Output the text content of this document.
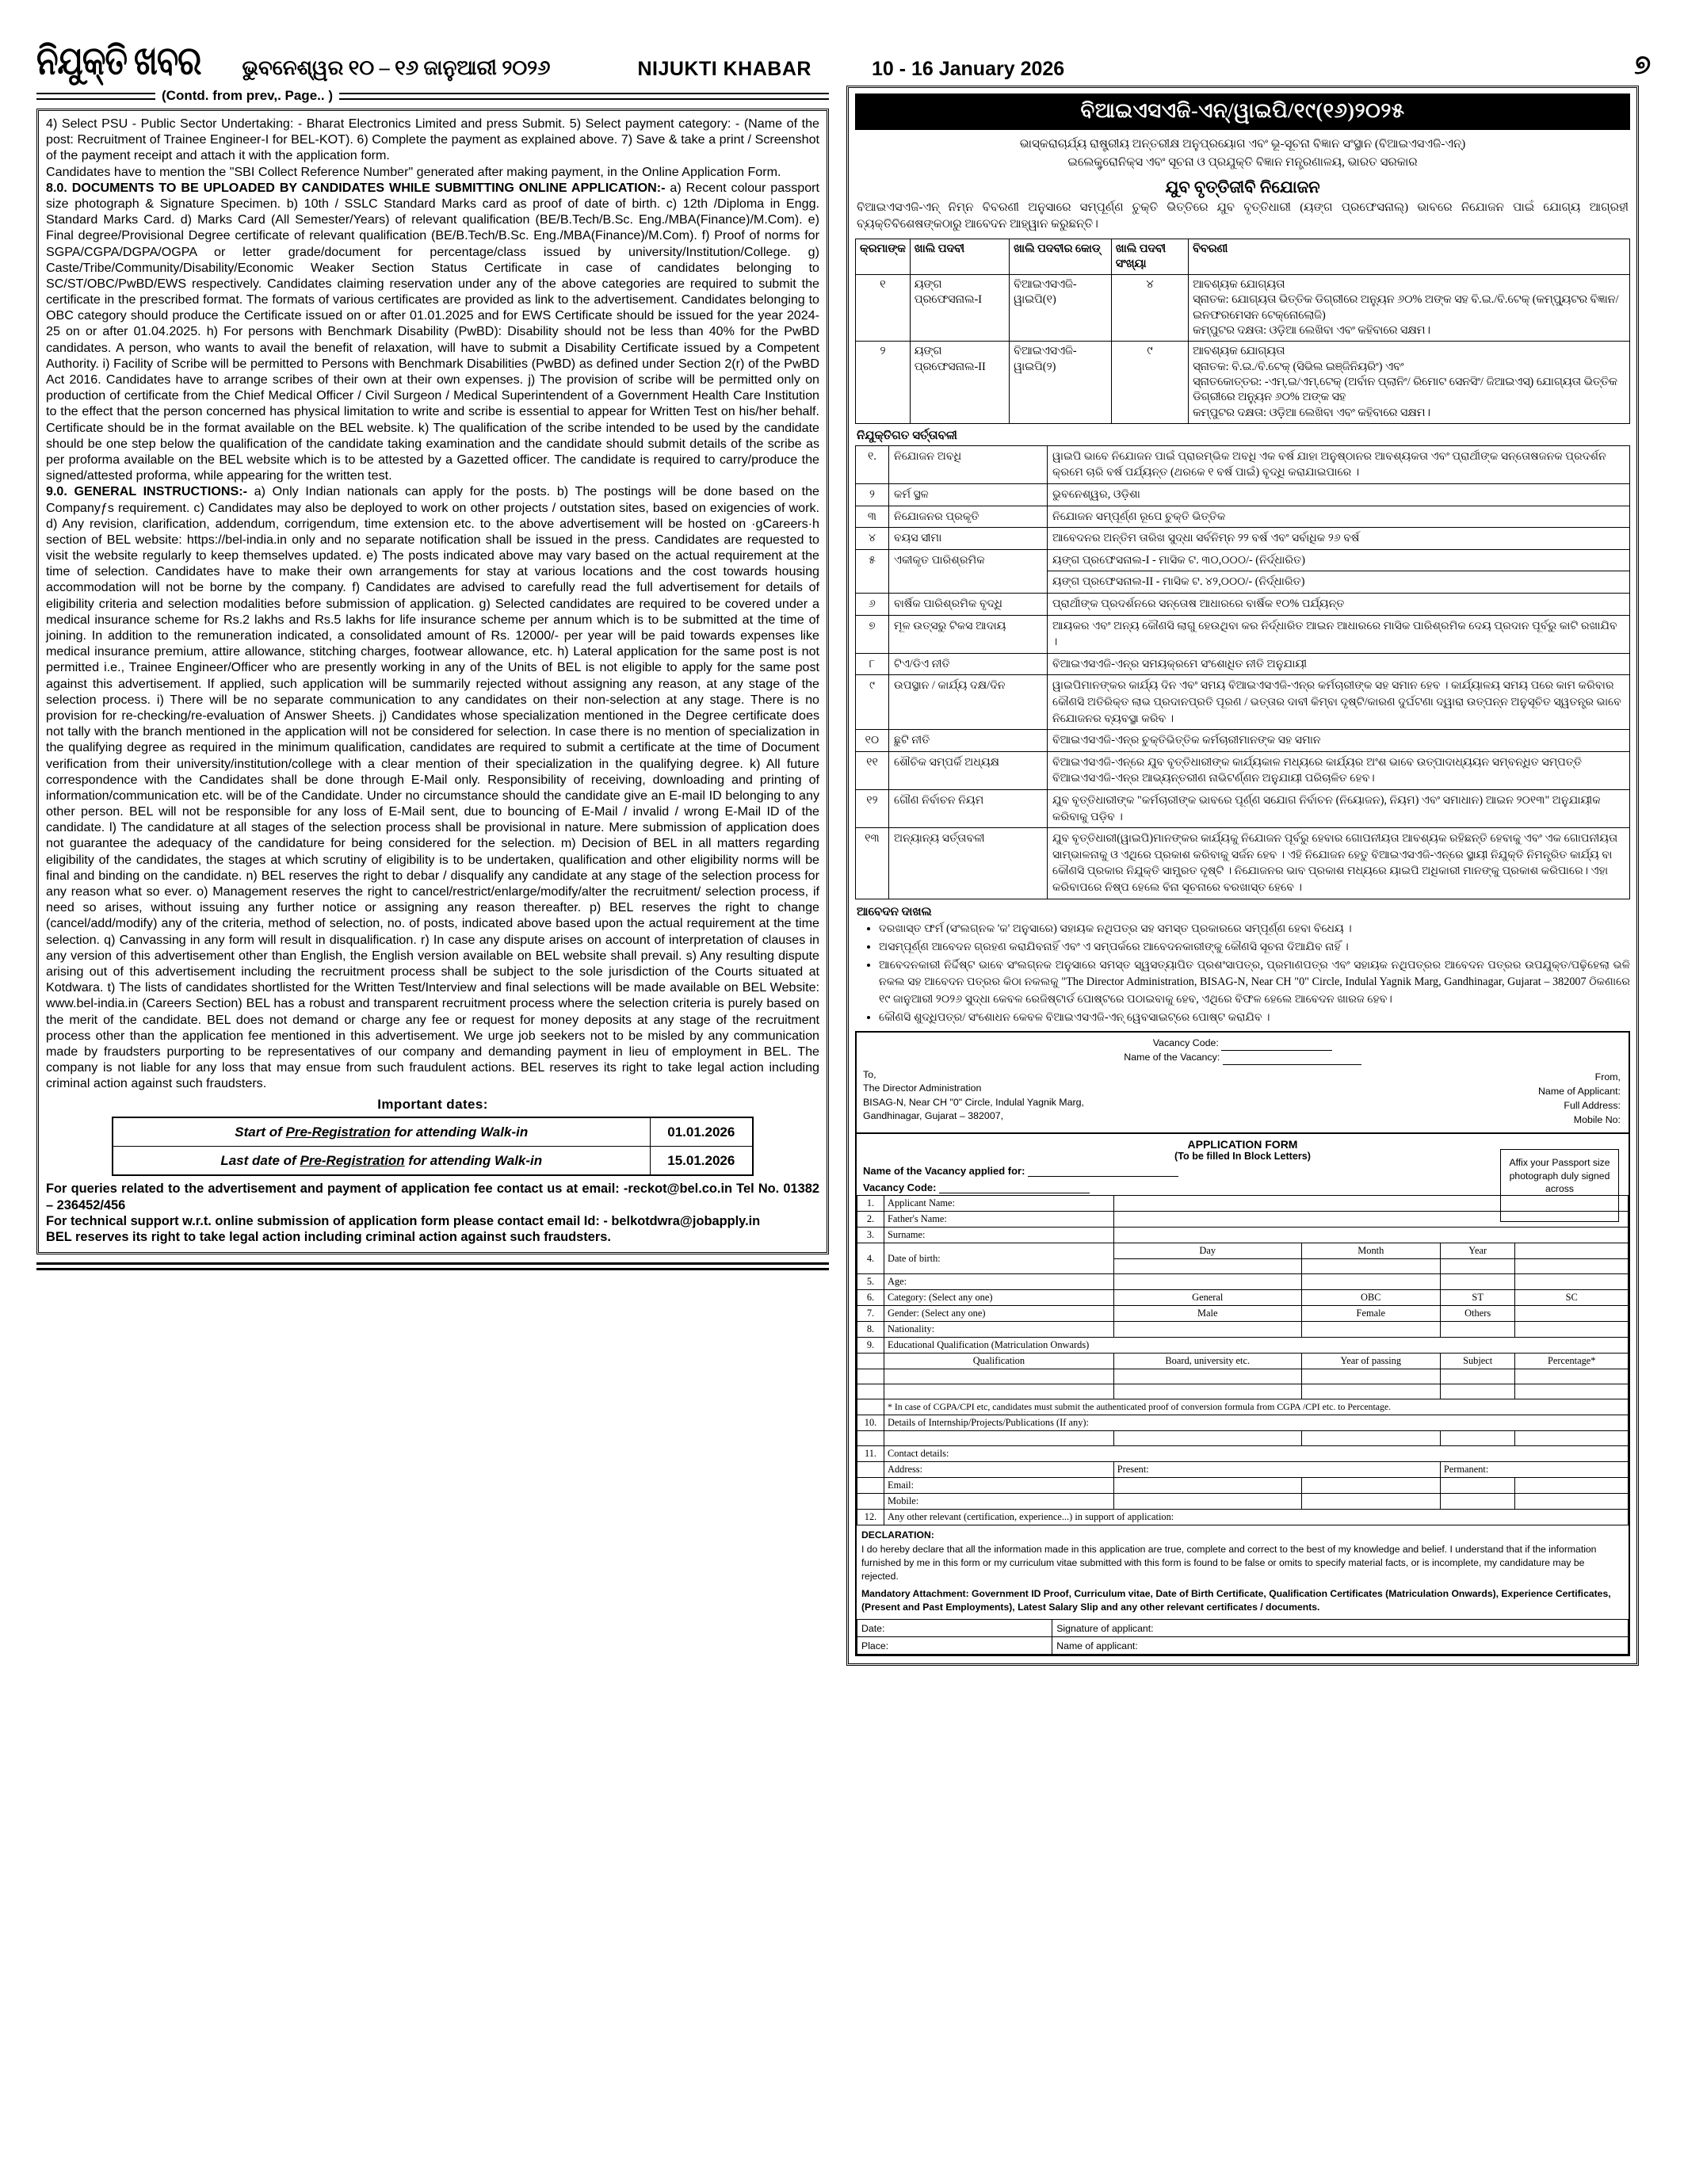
ନିଯୁକ୍ତି ଖବର ଭୁବନେଶ୍ୱର ୧୦ – ୧୬ ଜାନୁଆରୀ ୨୦୨୬	NIJUKTI KHABAR	10 - 16 January 2026	୭
(Contd. from prev,. Page.. )

4) Select PSU - Public Sector Undertaking: - Bharat Electronics Limited and press Submit. 5) Select payment category: - (Name of the post: Recruitment of Trainee Engineer-I for BEL-KOT). 6) Complete the payment as explained above. 7) Save & take a print / Screenshot of the payment receipt and attach it with the application form.

Candidates have to mention the "SBI Collect Reference Number" generated after making payment, in the Online Application Form.

8.0. DOCUMENTS TO BE UPLOADED BY CANDIDATES WHILE SUBMITTING ONLINE APPLICATION:- a) Recent colour passport size photograph & Signature Specimen. b) 10th / SSLC Standard Marks card as proof of date of birth. c) 12th /Diploma in Engg. Standard Marks Card. d) Marks Card (All Semester/Years) of relevant qualification (BE/B.Tech/B.Sc. Eng./MBA(Finance)/M.Com). e) Final degree/Provisional Degree certificate of relevant qualification (BE/B.Tech/B.Sc. Eng./MBA(Finance)/M.Com). f) Proof of norms for SGPA/CGPA/DGPA/OGPA or letter grade/document for percentage/class issued by university/Institution/College. g) Caste/Tribe/Community/Disability/Economic Weaker Section Status Certificate in case of candidates belonging to SC/ST/OBC/PwBD/EWS respectively. Candidates claiming reservation under any of the above categories are required to submit the certificate in the prescribed format. The formats of various certificates are provided as link to the advertisement. Candidates belonging to OBC category should produce the Certificate issued on or after 01.01.2025 and for EWS Certificate should be issued for the year 2024-25 on or after 01.04.2025. h) For persons with Benchmark Disability (PwBD): Disability should not be less than 40% for the PwBD candidates. A person, who wants to avail the benefit of relaxation, will have to submit a Disability Certificate issued by a Competent Authority. i) Facility of Scribe will be permitted to Persons with Benchmark Disabilities (PwBD) as defined under Section 2(r) of the PwBD Act 2016. Candidates have to arrange scribes of their own at their own expenses. j) The provision of scribe will be permitted only on production of certificate from the Chief Medical Officer / Civil Surgeon / Medical Superintendent of a Government Health Care Institution to the effect that the person concerned has physical limitation to write and scribe is essential to appear for Written Test on his/her behalf. Certificate should be in the format available on the BEL website. k) The qualification of the scribe intended to be used by the candidate should be one step below the qualification of the candidate taking examination and the candidate should submit details of the scribe as per proforma available on the BEL website which is to be attested by a Gazetted officer. The candidate is required to carry/produce the signed/attested proforma, while appearing for the written test.

9.0. GENERAL INSTRUCTIONS:- a) Only Indian nationals can apply for the posts. b) The postings will be done based on the Companyƒs requirement. c) Candidates may also be deployed to work on other projects / outstation sites, based on exigencies of work. d) Any revision, clarification, addendum, corrigendum, time extension etc. to the above advertisement will be hosted on ·gCareers·h section of BEL website: https://bel-india.in only and no separate notification shall be issued in the press. Candidates are requested to visit the website regularly to keep themselves updated. e) The posts indicated above may vary based on the actual requirement at the time of selection. Candidates have to make their own arrangements for stay at various locations and the cost towards housing accommodation will not be borne by the company. f) Candidates are advised to carefully read the full advertisement for details of eligibility criteria and selection modalities before submission of application. g) Selected candidates are required to be covered under a medical insurance scheme for Rs.2 lakhs and Rs.5 lakhs for life insurance scheme per annum which is to be submitted at the time of joining. In addition to the remuneration indicated, a consolidated amount of Rs. 12000/- per year will be paid towards expenses like medical insurance premium, attire allowance, stitching charges, footwear allowance, etc. h) Lateral application for the same post is not permitted i.e., Trainee Engineer/Officer who are presently working in any of the Units of BEL is not eligible to apply for the same post against this advertisement. If applied, such application will be summarily rejected without assigning any reason, at any stage of the selection process. i) There will be no separate communication to any candidates on their non-selection at any stage. There is no provision for re-checking/re-evaluation of Answer Sheets. j) Candidates whose specialization mentioned in the Degree certificate does not tally with the branch mentioned in the application will not be considered for selection. In case there is no mention of specialization in the qualifying degree as required in the minimum qualification, candidates are required to submit a certificate at the time of Document verification from their university/institution/college with a clear mention of their specialization in the qualifying degree. k) All future correspondence with the Candidates shall be done through E-Mail only. Responsibility of receiving, downloading and printing of information/communication etc. will be of the Candidate. Under no circumstance should the candidate give an E-mail ID belonging to any other person. BEL will not be responsible for any loss of E-Mail sent, due to bouncing of E-Mail / invalid / wrong E-Mail ID of the candidate. l) The candidature at all stages of the selection process shall be provisional in nature. Mere submission of application does not guarantee the adequacy of the candidature for being considered for the selection. m) Decision of BEL in all matters regarding eligibility of the candidates, the stages at which scrutiny of eligibility is to be undertaken, qualification and other eligibility norms will be final and binding on the candidate. n) BEL reserves the right to debar / disqualify any candidate at any stage of the selection process for any reason what so ever. o) Management reserves the right to cancel/restrict/enlarge/modify/alter the recruitment/ selection process, if need so arises, without issuing any further notice or assigning any reason thereafter. p) BEL reserves the right to change (cancel/add/modify) any of the criteria, method of selection, no. of posts, indicated above based upon the actual requirement at the time selection. q) Canvassing in any form will result in disqualification. r) In case any dispute arises on account of interpretation of clauses in any version of this advertisement other than English, the English version available on BEL website shall prevail. s) Any resulting dispute arising out of this advertisement including the recruitment process shall be subject to the sole jurisdiction of the Courts situated at Kotdwara. t) The lists of candidates shortlisted for the Written Test/Interview and final selections will be made available on BEL Website: www.bel-india.in (Careers Section) BEL has a robust and transparent recruitment process where the selection criteria is purely based on the merit of the candidate. BEL does not demand or charge any fee or request for money deposits at any stage of the recruitment process other than the application fee mentioned in this advertisement. We urge job seekers not to be misled by any communication made by fraudsters purporting to be representatives of our company and demanding payment in lieu of employment in BEL. The company is not liable for any loss that may ensue from such fraudulent actions. BEL reserves its right to take legal action including criminal action against such fraudsters.

Important dates:
Start of Pre-Registration for attending Walk-in	01.01.2026
Last date of Pre-Registration for attending Walk-in	15.01.2026
For queries related to the advertisement and payment of application fee contact us at email: -reckot@bel.co.in Tel No. 01382 – 236452/456
For technical support w.r.t. online submission of application form please contact email Id: - belkotdwra@jobapply.in
BEL reserves its right to take legal action including criminal action against such fraudsters.
ବିଆଇଏସଏଜି-ଏନ୍/ୱାଇପି/୧୯(୧୬)୨୦୨୫
ଭାସ୍କରାଚାର୍ଯ୍ୟ ରାଷ୍ଟ୍ରୀୟ ଅନ୍ତରୀକ୍ଷ ଅନୁପ୍ରୟୋଗ ଏବଂ ଭୂ-ସୂଚନା ବିଜ୍ଞାନ ସଂସ୍ଥାନ (ବିଆଇଏସଏଜି-ଏନ୍)
ଇଲେକ୍ଟ୍ରୋନିକ୍ସ ଏବଂ ସୂଚନା ଓ ପ୍ରଯୁକ୍ତି ବିଜ୍ଞାନ ମନ୍ତ୍ରଣାଳୟ, ଭାରତ ସରକାର
ଯୁବ ବୃତ୍ତିଜୀବି ନିଯୋଜନ
ବିଆଇଏସଏଜି-ଏନ୍ ନିମ୍ନ ବିବରଣୀ ଅନୁସାରେ ସମ୍ପୂର୍ଣ୍ଣ ଚୁକ୍ତି ଭିତ୍ତିରେ ଯୁବ ବୃତ୍ତିଧାରୀ (ୟଙ୍ଗ ପ୍ରଫେସନାଲ୍) ଭାବରେ ନିଯୋଜନ ପାଇଁ ଯୋଗ୍ୟ ଆଗ୍ରହୀ ବ୍ୟକ୍ତିବିଶେଷଙ୍କଠାରୁ ଆବେଦନ ଆହ୍ୱାନ କରୁଛନ୍ତି।
କ୍ରମାଙ୍କ	ଖାଲି ପଦବୀ	ଖାଲି ପଦବୀର କୋଡ୍	ଖାଲି ପଦବୀ ସଂଖ୍ୟା	ବିବରଣୀ
୧	ୟଙ୍ଗ ପ୍ରଫେସନାଲ-I	ବିଆଇଏସଏଜି-ୱାଇପି(୧)	୪	ଆବଶ୍ୟକ ଯୋଗ୍ୟତା
ସ୍ନାତକ: ଯୋଗ୍ୟତା ଭିତ୍ତିକ ଡିଗ୍ରୀରେ ଅନ୍ୟୁନ ୬୦% ଅଙ୍କ ସହ ବି.ଇ./ବି.ଟେକ୍ (କମ୍ପ୍ୟୁଟର ବିଜ୍ଞାନ/ ଇନଫରମେସନ ଟେକ୍ନୋଲୋଜି)
କମ୍ପୁଟର ଦକ୍ଷତା: ଓଡ଼ିଆ ଲେଖିବା ଏବଂ କହିବାରେ ସକ୍ଷମ।

୨	ୟଙ୍ଗ ପ୍ରଫେସନାଲ-II	ବିଆଇଏସଏଜି-ୱାଇପି(୨)	୯	ଆବଶ୍ୟକ ଯୋଗ୍ୟତା
ସ୍ନାତକ: ବି.ଇ./ବି.ଟେକ୍ (ସିଭିଲ ଇଞ୍ଜିନିୟରିଂ) ଏବଂ
ସ୍ନାତକୋତ୍ତର: -ଏମ୍.ଇ/ଏମ୍.ଟେକ୍ (ଅର୍ବାନ ପ୍ଲାନିଂ/ ରିମୋଟ ସେନସିଂ/ ଜିଆଇଏସ୍) ଯୋଗ୍ୟତା ଭିତ୍ତିକ ଡିଗ୍ରୀରେ ଅନ୍ୟୁନ ୬୦% ଅଙ୍କ ସହ
କମ୍ପୁଟର ଦକ୍ଷତା: ଓଡ଼ିଆ ଲେଖିବା ଏବଂ କହିବାରେ ସକ୍ଷମ।
ନିଯୁକ୍ତିଗତ ସର୍ତ୍ତାବଳୀ
୧.	ନିଯୋଜନ ଅବଧି	ୱାଇପି ଭାବେ ନିଯୋଜନ ପାଇଁ ପ୍ରାରମ୍ଭିକ ଅବଧି ଏକ ବର୍ଷ ଯାହା ଅନୁଷ୍ଠାନର ଆବଶ୍ୟକତା ଏବଂ ପ୍ରାର୍ଥୀଙ୍କ ସନ୍ତୋଷଜନକ ପ୍ରଦର୍ଶନ କ୍ରମେ ଚାରି ବର୍ଷ ପର୍ଯ୍ୟନ୍ତ (ଥରକେ ୧ ବର୍ଷ ପାଇଁ) ବୃଦ୍ଧି କରାଯାଇପାରେ ।
୨	କର୍ମ ସ୍ଥଳ	ଭୁବନେଶ୍ୱର, ଓଡ଼ିଶା
୩	ନିଯୋଜନର ପ୍ରକୃତି	ନିଯୋଜନ ସମ୍ପୂର୍ଣ୍ଣ ରୂପେ ଚୁକ୍ତି ଭିତ୍ତିକ
୪	ବୟସ ସୀମା	ଆବେଦନର ଅନ୍ତିମ ତାରିଖ ସୁଦ୍ଧା ସର୍ବନିମ୍ନ ୨୨ ବର୍ଷ ଏବଂ ସର୍ବାଧିକ ୨୬ ବର୍ଷ
୫	ଏକୀକୃତ ପାରିଶ୍ରମିକ	ୟଙ୍ଗ ପ୍ରଫେସନାଲ-I - ମାସିକ ଟ. ୩୦,୦୦୦/- (ନିର୍ଦ୍ଧାରିତ)
		ୟଙ୍ଗ ପ୍ରଫେସନାଲ-II - ମାସିକ ଟ. ୪୨,୦୦୦/- (ନିର୍ଦ୍ଧାରିତ)
୬	ବାର୍ଷିକ ପାରିଶ୍ରମିକ ବୃଦ୍ଧି	ପ୍ରାର୍ଥୀଙ୍କ ପ୍ରଦର୍ଶନରେ ସନ୍ତୋଷ ଆଧାରରେ ବାର୍ଷିକ ୧୦% ପର୍ଯ୍ୟନ୍ତ
୭	ମୂଳ ଉତ୍ସରୁ ଟିକସ ଆଦାୟ	ଆୟକର ଏବଂ ଅନ୍ୟ କୌଣସି ଲାଗୁ ହେଉଥିବା କର ନିର୍ଦ୍ଧାରିତ ଆଇନ ଆଧାରରେ ମାସିକ ପାରିଶ୍ରମିକ ଦେୟ ପ୍ରଦାନ ପୂର୍ବରୁ କାଟି ରଖାଯିବ ।
୮	ଟିଏ/ଡିଏ ନୀତି	ବିଆଇଏସଏଜି-ଏନ୍‌ର ସମୟକ୍ରମେ ସଂଶୋଧିତ ନୀତି ଅନୁଯାୟୀ
୯	ଉପସ୍ଥାନ / କାର୍ଯ୍ୟ ଦକ୍ଷ/ଦିନ	ୱାଇପିମାନଙ୍କର କାର୍ଯ୍ୟ ଦିନ ଏବଂ ସମୟ ବିଆଇଏସଏଜି-ଏନ୍‌ର କର୍ମଚାରୀଙ୍କ ସହ ସମାନ ହେବ । କାର୍ଯ୍ୟାଳୟ ସମୟ ପରେ କାମ କରିବାର କୌଣସି ଅତିରିକ୍ତ ଲାଭ ପ୍ରଦାନପ୍ରତି ପୂରଣ / ଭତ୍ତାର ଦାବୀ କିମ୍ବା ଦୃଷ୍ଟି/କାରଣ ଦୁର୍ଘଟଣା ଦ୍ୱାରା ଉତ୍ପନ୍ନ ଅନୁସୂଚିତ ସ୍ୱତନ୍ତ୍ର ଭାବେ ନିଯୋଜନର ବ୍ୟବସ୍ଥା କରିବ ।
୧୦	ଛୁଟି ନୀତି	ବିଆଇଏସଏଜି-ଏନ୍‌ର ଚୁକ୍ତିଭିତ୍ତିକ କର୍ମଚାରୀମାନଙ୍କ ସହ ସମାନ
୧୧	ଶୌଚିକ ସମ୍ପର୍କି ଅଧ୍ୟକ୍ଷ	ବିଆଇଏସଏଜି-ଏନ୍‌ରେ ଯୁବ ବୃତ୍ତିଧାରୀଙ୍କ କାର୍ଯ୍ୟକାଳ ମଧ୍ୟରେ କାର୍ଯ୍ୟର ଅଂଶ ଭାବେ ଉତ୍ପାଦାଧ୍ୟୟନ ସମ୍ବନ୍ଧିତ ସମ୍ପତ୍ତି ବିଆଇଏସଏଜି-ଏନ୍‌ର ଆଭ୍ୟନ୍ତରୀଣ ନାଭିଟର୍ଣ୍ଣନ ଅନୁଯାୟୀ ପରିଚାଳିତ ହେବ।
୧୨	ଗୌଣ ନିର୍ବାଚନ ନିୟମ	ଯୁବ ବୃତ୍ତିଧାରୀଙ୍କ "କର୍ମଚାରୀଙ୍କ ଭାବରେ ପୂର୍ଣ୍ଣ ସଯୋଗ ନିର୍ବାଚନ (ନିୟୋଜନ), ନିୟମ) ଏବଂ ସମାଧାନ) ଆଇନ ୨୦୧୩" ଅନୁଯାୟୀକ କରିବାକୁ ପଡ଼ିବ ।
୧୩	ଅନ୍ୟାନ୍ୟ ସର୍ତ୍ତାବଳୀ	ଯୁବ ବୃତ୍ତିଧାରୀ(ୱାଇପି)ମାନଙ୍କର କାର୍ଯ୍ୟକୁ ନିଯୋଜନ ପୂର୍ବରୁ ହେବାର ଗୋପନୀୟତା ଆବଶ୍ୟକ ରହିଛନ୍ତି ହେବାକୁ ଏବଂ ଏକ ଗୋପନୀୟତା ସାମ୍ଭାଳନାକୁ ଓ ଏଥିରେ ପ୍ରକାଶ କରିବାକୁ ସର୍ଜନ ହେବ । ଏହି ନିଯୋଜନ ହେତୁ ବିଆଇଏସଏଜି-ଏନ୍‌ରେ ସ୍ଥାୟୀ ନିଯୁକ୍ତି ନିମନ୍ତ୍ରିତ କାର୍ଯ୍ୟ ବା କୌଣସି ପ୍ରକାର ନିଯୁକ୍ତି ସାମ୍ପ୍ରତ ଦୃଷ୍ଟି । ନିଯୋଜନର ଭାବ ପ୍ରକାଶ ମଧ୍ୟରେ ୟାଇପି ଅଧିକାରୀ ମାନଙ୍କୁ ପ୍ରକାଶ କରିପାରେ। ଏହା କରିବାପରେ ନିଷ୍ପ ହେଲେ ବିନା ସୂଚନାରେ ବରଖାସ୍ତ ହେବେ ।
ଆବେଦନ ଦାଖଲ
• ଦରଖାସ୍ତ ଫର୍ମ (ସଂଲଗ୍ନକ 'କ' ଅନୁସାରେ) ସହାୟକ ନଥିପତ୍ର ସହ ସମସ୍ତ ପ୍ରକାରରେ ସମ୍ପୂର୍ଣ୍ଣ ହେବା ବିଧେୟ ।
• ଅସମ୍ପୂର୍ଣ୍ଣ ଆବେଦନ ଗ୍ରହଣ କରାଯିବନାହିଁ ଏବଂ ଏ ସମ୍ପର୍କରେ ଆବେଦନକାରୀଙ୍କୁ କୌଣସି ସୂଚନା ଦିଆଯିବ ନାହିଁ ।
• ଆବେଦନକାରୀ ନିର୍ଦ୍ଦିଷ୍ଟ ଭାବେ ସଂଲଗ୍ନକ ଅନୁସାରେ ସମସ୍ତ ସ୍ୱସତ୍ୟାପିତ ପ୍ରଶଂସାପତ୍ର, ପ୍ରମାଣପତ୍ର ଏବଂ ସହାୟକ ନଥିପତ୍ରର ଆବେଦନ ପତ୍ରର ଉପଯୁକ୍ତ/ପଢ଼ିହେଲା ଭଳି ନକଲ ସହ ଆବେଦନ ପତ୍ରର କିଠା ନକଲକୁ "The Director Administration, BISAG-N, Near CH "0" Circle, Indulal Yagnik Marg, Gandhinagar, Gujarat – 382007 ଠିକଣାରେ ୧୯ ଜାନୁଆରୀ ୨୦୨୬ ସୁଦ୍ଧା କେବଳ ରେଜିଷ୍ଟାର୍ଡ ପୋଷ୍ଟରେ ପଠାଇବାକୁ ହେବ, ଏଥିରେ ବିଫଳ ହେଲେ ଆବେଦନ ଖାରଜ ହେବ।
• କୌଣସି ଶୁଦ୍ଧିପତ୍ର/ ସଂଶୋଧନ କେବଳ ବିଆଇଏସଏଜି-ଏନ୍ ୱେବସାଇଟ୍‌ରେ ପୋଷ୍ଟ କରାଯିବ ।
Vacancy Code:
Name of the Vacancy:
To,
The Director Administration
BISAG-N, Near CH "0" Circle, Indulal Yagnik Marg,
Gandhinagar, Gujarat – 382007,
From,
Name of Applicant:
Full Address:
Mobile No:
APPLICATION FORM
(To be filled In Block Letters)
Name of the Vacancy applied for:
Affix your Passport size photograph duly signed across
Vacancy Code:
1.	Applicant Name:				
2.	Father's Name:				
3.	Surname:				
4.	Date of birth:	Day	Month	Year	

5.	Age:				
6.	Category: (Select any one)	General	OBC	ST	SC
7.	Gender: (Select any one)	Male	Female	Others	
8.	Nationality:				
9.	Educational Qualification (Matriculation Onwards)				
	Qualification	Board, university etc.	Year of passing	Subject	Percentage*

	* In case of CGPA/CPI etc, candidates must submit the authenticated proof of conversion formula from CGPA /CPI etc. to Percentage.				
10.	Details of Internship/Projects/Publications (If any):				

11.	Contact details:				
	Address:	Present:		Permanent:	
	Email:				
	Mobile:				
12.	Any other relevant (certification, experience...) in support of application:				
DECLARATION:
I do hereby declare that all the information made in this application are true, complete and correct to the best of my knowledge and belief. I understand that if the information furnished by me in this form or my curriculum vitae submitted with this form is found to be false or omits to specify material facts, or is incomplete, my candidature may be rejected.
Mandatory Attachment: Government ID Proof, Curriculum vitae, Date of Birth Certificate, Qualification Certificates (Matriculation Onwards), Experience Certificates, (Present and Past Employments), Latest Salary Slip and any other relevant certificates / documents.
Date:	Signature of applicant:
Place:	Name of applicant:
